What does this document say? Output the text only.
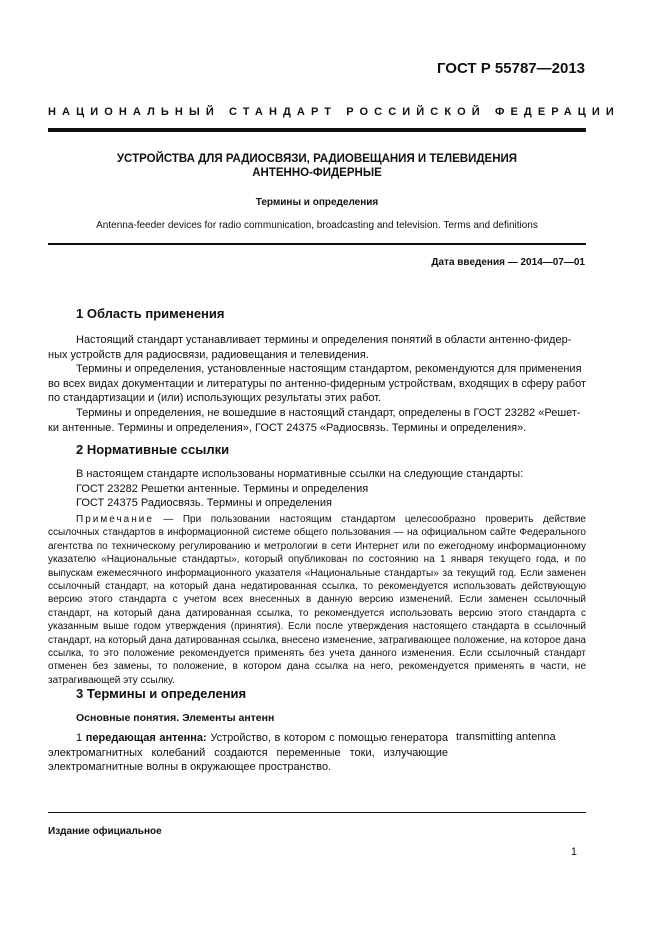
ГОСТ Р 55787—2013
НАЦИОНАЛЬНЫЙ СТАНДАРТ РОССИЙСКОЙ ФЕДЕРАЦИИ
УСТРОЙСТВА ДЛЯ РАДИОСВЯЗИ, РАДИОВЕЩАНИЯ И ТЕЛЕВИДЕНИЯ
АНТЕННО-ФИДЕРНЫЕ
Термины и определения
Antenna-feeder devices for radio communication, broadcasting and television. Terms and definitions
Дата введения — 2014—07—01
1 Область применения

Настоящий стандарт устанавливает термины и определения понятий в области антенно-фидер-

ных устройств для радиосвязи, радиовещания и телевидения.

Термины и определения, установленные настоящим стандартом, рекомендуются для применения

во всех видах документации и литературы по антенно-фидерным устройствам, входящих в сферу работ по стандартизации и (или) использующих результаты этих работ.

Термины и определения, не вошедшие в настоящий стандарт, определены в ГОСТ 23282 «Решет-

ки антенные. Термины и определения», ГОСТ 24375 «Радиосвязь. Термины и определения».

2 Нормативные ссылки

В настоящем стандарте использованы нормативные ссылки на следующие стандарты:

ГОСТ 23282 Решетки антенные. Термины и определения

ГОСТ 24375 Радиосвязь. Термины и определения

Примечание — При пользовании настоящим стандартом целесообразно проверить действие ссылочных стандартов в информационной системе общего пользования — на официальном сайте Федерального агентства по техническому регулированию и метрологии в сети Интернет или по ежегодному информационному указателю «Национальные стандарты», который опубликован по состоянию на 1 января текущего года, и по выпускам ежемесячного информационного указателя «Национальные стандарты» за текущий год. Если заменен ссылочный стандарт, на который дана недатированная ссылка, то рекомендуется использовать действующую версию этого стандарта с учетом всех внесенных в данную версию изменений. Если заменен ссылочный стандарт, на который дана датированная ссылка, то рекомендуется использовать версию этого стандарта с указанным выше годом утверждения (принятия). Если после утверждения настоящего стандарта в ссылочный стандарт, на который дана датированная ссылка, внесено изменение, затрагивающее положение, на которое дана ссылка, то это положение рекомендуется применять без учета данного изменения. Если ссылочный стандарт отменен без замены, то положение, в котором дана ссылка на него, рекомендуется применять в части, не затрагивающей эту ссылку.
3 Термины и определения
Основные понятия. Элементы антенн
1 передающая антенна: Устройство, в котором с помощью генератора электромагнитных колебаний создаются переменные токи, излучающие электромагнитные волны в окружающее пространство.
transmitting antenna
Издание официальное
1
